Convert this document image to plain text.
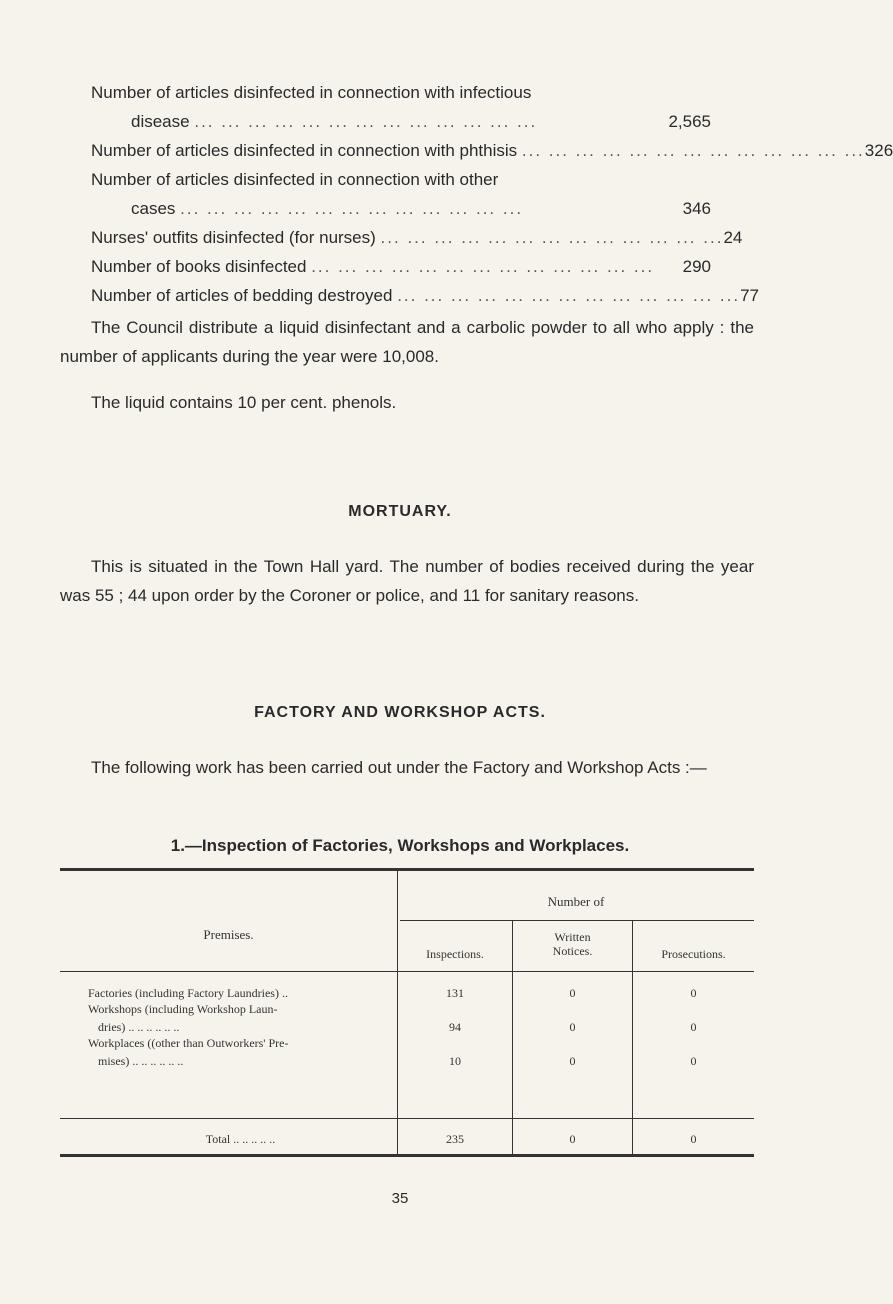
Number of articles disinfected in connection with infectious
disease ... ... ... ... ... ... ... ... ... ... ... ... ...	2,565
Number of articles disinfected in connection with phthisis ... ... ... ... ... ... ... ... ... ... ... ... ... 326
Number of articles disinfected in connection with other
cases ... ... ... ... ... ... ... ... ... ... ... ... ...	346
Nurses' outfits disinfected (for nurses) ... ... ... ... ... ... ... ... ... ... ... ... ... 24
Number of books disinfected ... ... ... ... ... ... ... ... ... ... ... ... ...	290
Number of articles of bedding destroyed ... ... ... ... ... ... ... ... ... ... ... ... ... 77

The Council distribute a liquid disinfectant and a carbolic powder to all who apply : the number of applicants during the year were 10,008.

The liquid contains 10 per cent. phenols.

MORTUARY.

This is situated in the Town Hall yard. The number of bodies received during the year was 55 ; 44 upon order by the Coroner or police, and 11 for sanitary reasons.

FACTORY AND WORKSHOP ACTS.

The following work has been carried out under the Factory and Workshop Acts :—

1.—Inspection of Factories, Workshops and Workplaces.
Premises.
Number of
Inspections.
Written
Notices.	Prosecutions.
Factories (including Factory Laundries) ..	131	0	0
Workshops (including Workshop Laun-
dries) .. .. .. .. .. ..	94	0	0
Workplaces ((other than Outworkers' Pre-
mises) .. .. .. .. .. ..	10	0	0
Total .. .. .. .. ..	235	0	0

35
